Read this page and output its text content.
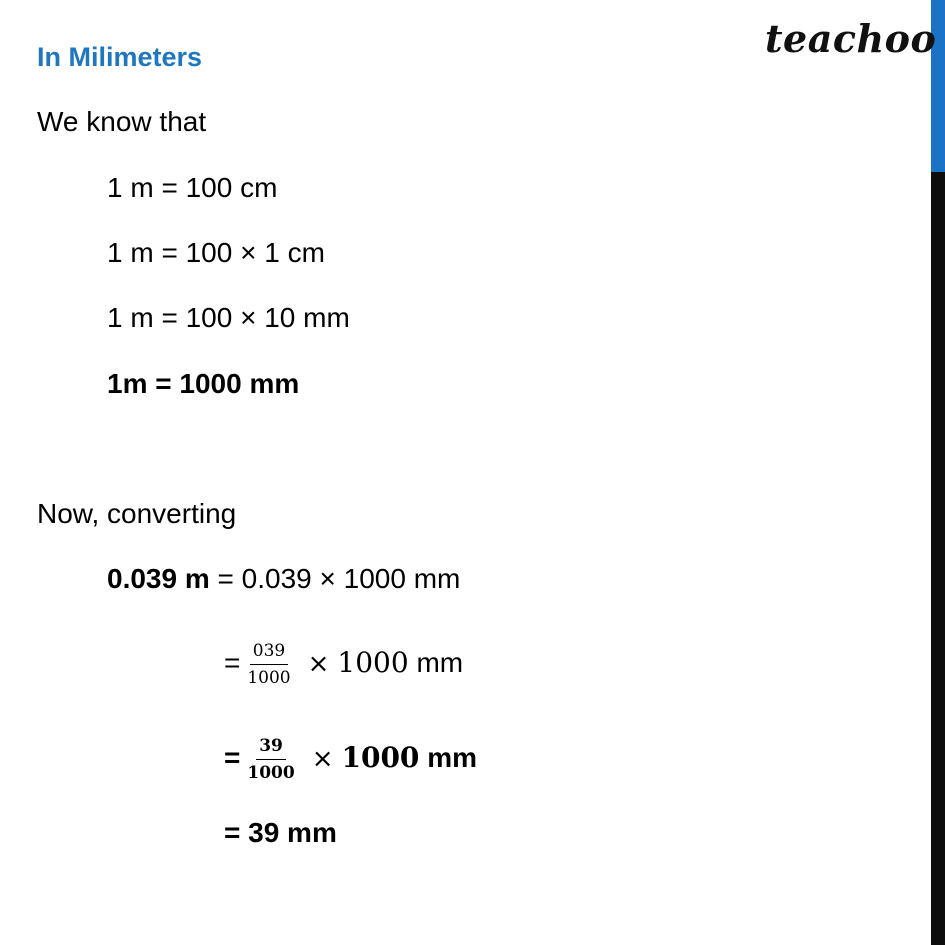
teachoo
In Milimeters
We know that
1 m = 100 cm
1 m = 100 × 1 cm
1 m = 100 × 10 mm
1m = 1000 mm
Now, converting
0.039 m = 0.039 × 1000 mm
= $\frac{039}{1000} \times 1000$ mm
= $\frac{39}{1000} \times 1000$ mm
= 39 mm
